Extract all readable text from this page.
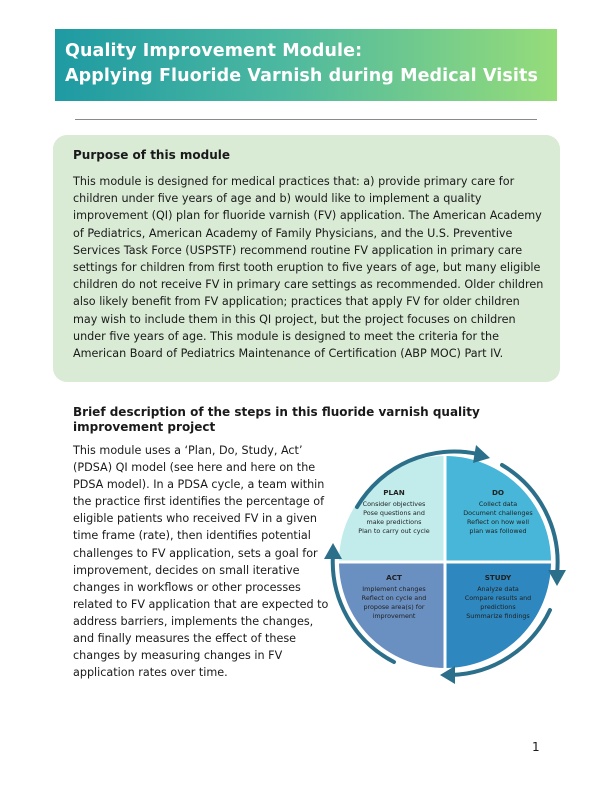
Quality Improvement Module:
Applying Fluoride Varnish during Medical Visits

Purpose of this module

This module is designed for medical practices that: a) provide primary care for children under five years of age and b) would like to implement a quality improvement (QI) plan for fluoride varnish (FV) application. The American Academy of Pediatrics, American Academy of Family Physicians, and the U.S. Preventive Services Task Force (USPSTF) recommend routine FV application in primary care settings for children from first tooth eruption to five years of age, but many eligible children do not receive FV in primary care settings as recommended. Older children also likely benefit from FV application; practices that apply FV for older children may wish to include them in this QI project, but the project focuses on children under five years of age. This module is designed to meet the criteria for the American Board of Pediatrics Maintenance of Certification (ABP MOC) Part IV.

Brief description of the steps in this fluoride varnish quality improvement project
This module uses a ‘Plan, Do, Study, Act’ (PDSA) QI model (see here and here on the PDSA model). In a PDSA cycle, a team within the practice first identifies the percentage of eligible patients who received FV in a given time frame (rate), then identifies potential challenges to FV application, sets a goal for improvement, decides on small iterative changes in workflows or other processes related to FV application that are expected to address barriers, implements the changes, and finally measures the effect of these changes by measuring changes in FV application rates over time.
PLAN
Consider objectives
Pose questions and
make predictions
Plan to carry out cycle
DO
Collect data
Document challenges
Reflect on how well
plan was followed
ACT
Implement changes
Reflect on cycle and
propose area(s) for
improvement
STUDY
Analyze data
Compare results and
predictions
Summarize findings
1
